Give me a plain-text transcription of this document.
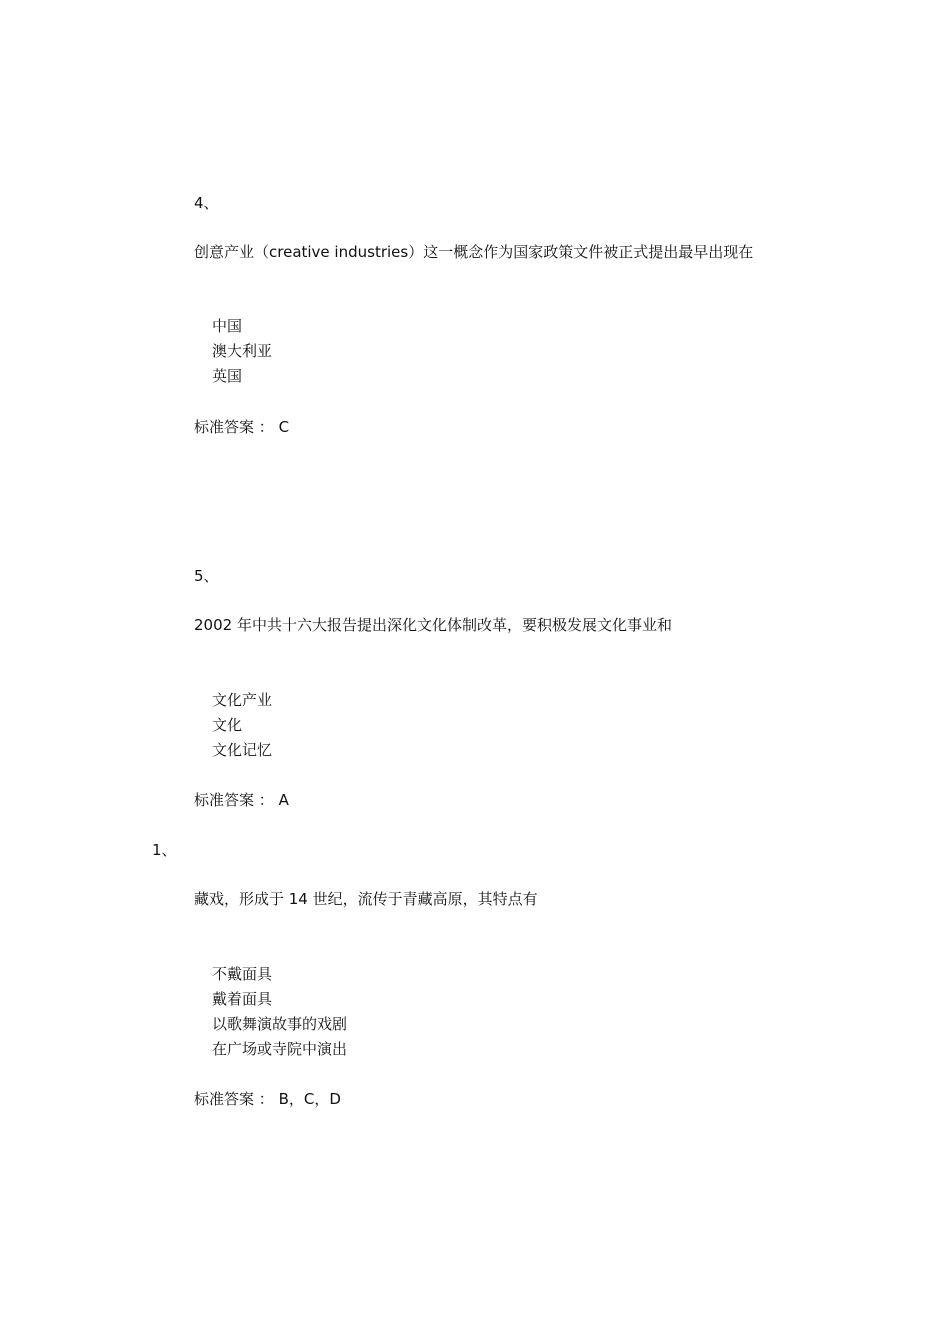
4、
创意产业（creative industries）这一概念作为国家政策文件被正式提出最早出现在
中国
澳大利亚
英国
标准答案 ： C
5、
2002 年中共十六大报告提出深化文化体制改革，要积极发展文化事业和
文化产业
文化
文化记忆
标准答案 ： A
1、
藏戏，形成于 14 世纪，流传于青藏高原，其特点有
不戴面具
戴着面具
以歌舞演故事的戏剧
在广场或寺院中演出
标准答案 ： B，C，D
